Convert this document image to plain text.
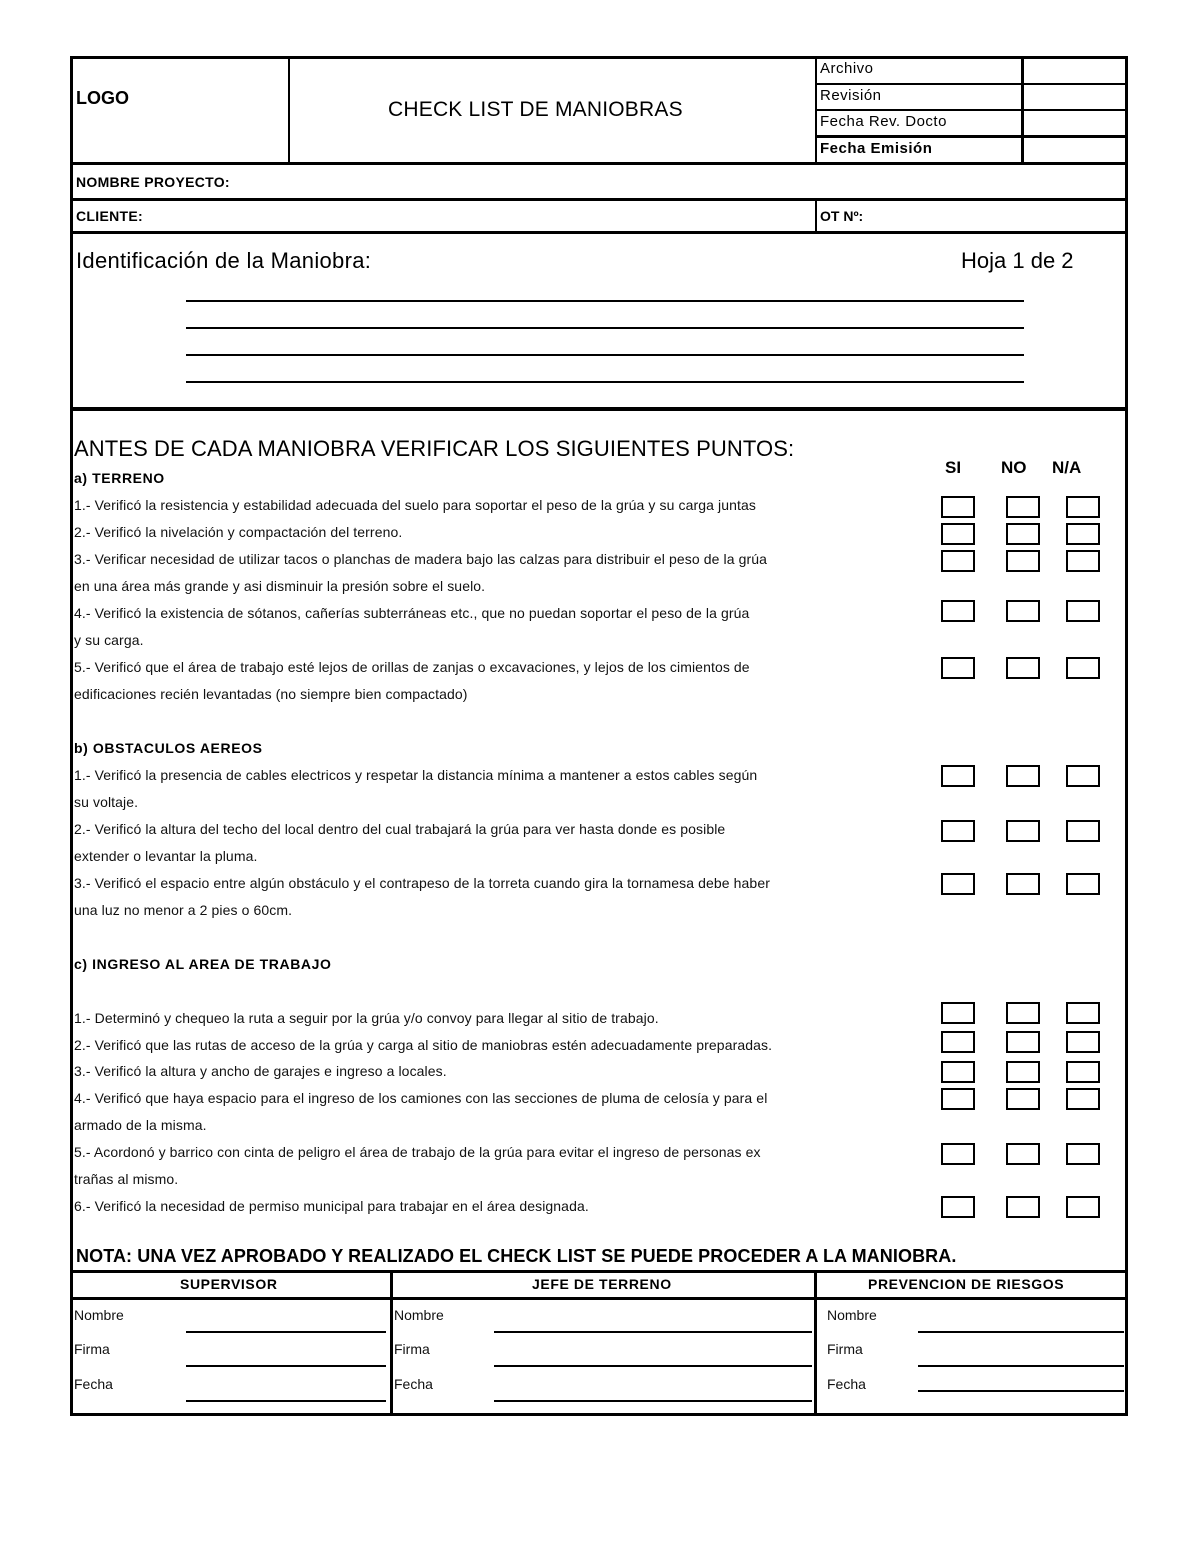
LOGO	CHECK LIST DE MANIOBRAS
Archivo
Revisión
Fecha Rev. Docto
Fecha Emisión
NOMBRE PROYECTO:
CLIENTE:	OT Nº:
Identificación de la Maniobra:	Hoja 1 de 2
ANTES DE CADA MANIOBRA VERIFICAR LOS SIGUIENTES PUNTOS:
SI NO N/A
a) TERRENO
1.- Verificó la resistencia y estabilidad adecuada del suelo para soportar el peso de la grúa y su carga juntas
2.- Verificó la nivelación y compactación del terreno.
3.- Verificar necesidad de utilizar tacos o planchas de madera bajo las calzas para distribuir el peso de la grúa
en una área más grande y asi disminuir la presión sobre el suelo.
4.- Verificó la existencia de sótanos, cañerías subterráneas etc., que no puedan soportar el peso de la grúa
y su carga.
5.- Verificó que el área de trabajo esté lejos de orillas de zanjas o excavaciones, y lejos de los cimientos de
edificaciones recién levantadas (no siempre bien compactado)
b) OBSTACULOS AEREOS
1.- Verificó la presencia de cables electricos y respetar la distancia mínima a mantener a estos cables según
su voltaje.
2.- Verificó la altura del techo del local dentro del cual trabajará la grúa para ver hasta donde es posible
extender o levantar la pluma.
3.- Verificó el espacio entre algún obstáculo y el contrapeso de la torreta cuando gira la tornamesa debe haber
una luz no menor a 2 pies o 60cm.
c) INGRESO AL AREA DE TRABAJO
1.- Determinó y chequeo la ruta a seguir por la grúa y/o convoy para llegar al sitio de trabajo.
2.- Verificó que las rutas de acceso de la grúa y carga al sitio de maniobras estén adecuadamente preparadas.
3.- Verificó la altura y ancho de garajes e ingreso a locales.
4.- Verificó que haya espacio para el ingreso de los camiones con las secciones de pluma de celosía y para el
armado de la misma.
5.- Acordonó y barrico con cinta de peligro el área de trabajo de la grúa para evitar el ingreso de personas ex
trañas al mismo.
6.- Verificó la necesidad de permiso municipal para trabajar en el área designada.
NOTA: UNA VEZ APROBADO Y REALIZADO EL CHECK LIST SE PUEDE PROCEDER A LA MANIOBRA.
SUPERVISOR	JEFE DE TERRENO	PREVENCION DE RIESGOS
Nombre
Firma
Fecha
Nombre
Firma
Fecha
Nombre
Firma
Fecha
